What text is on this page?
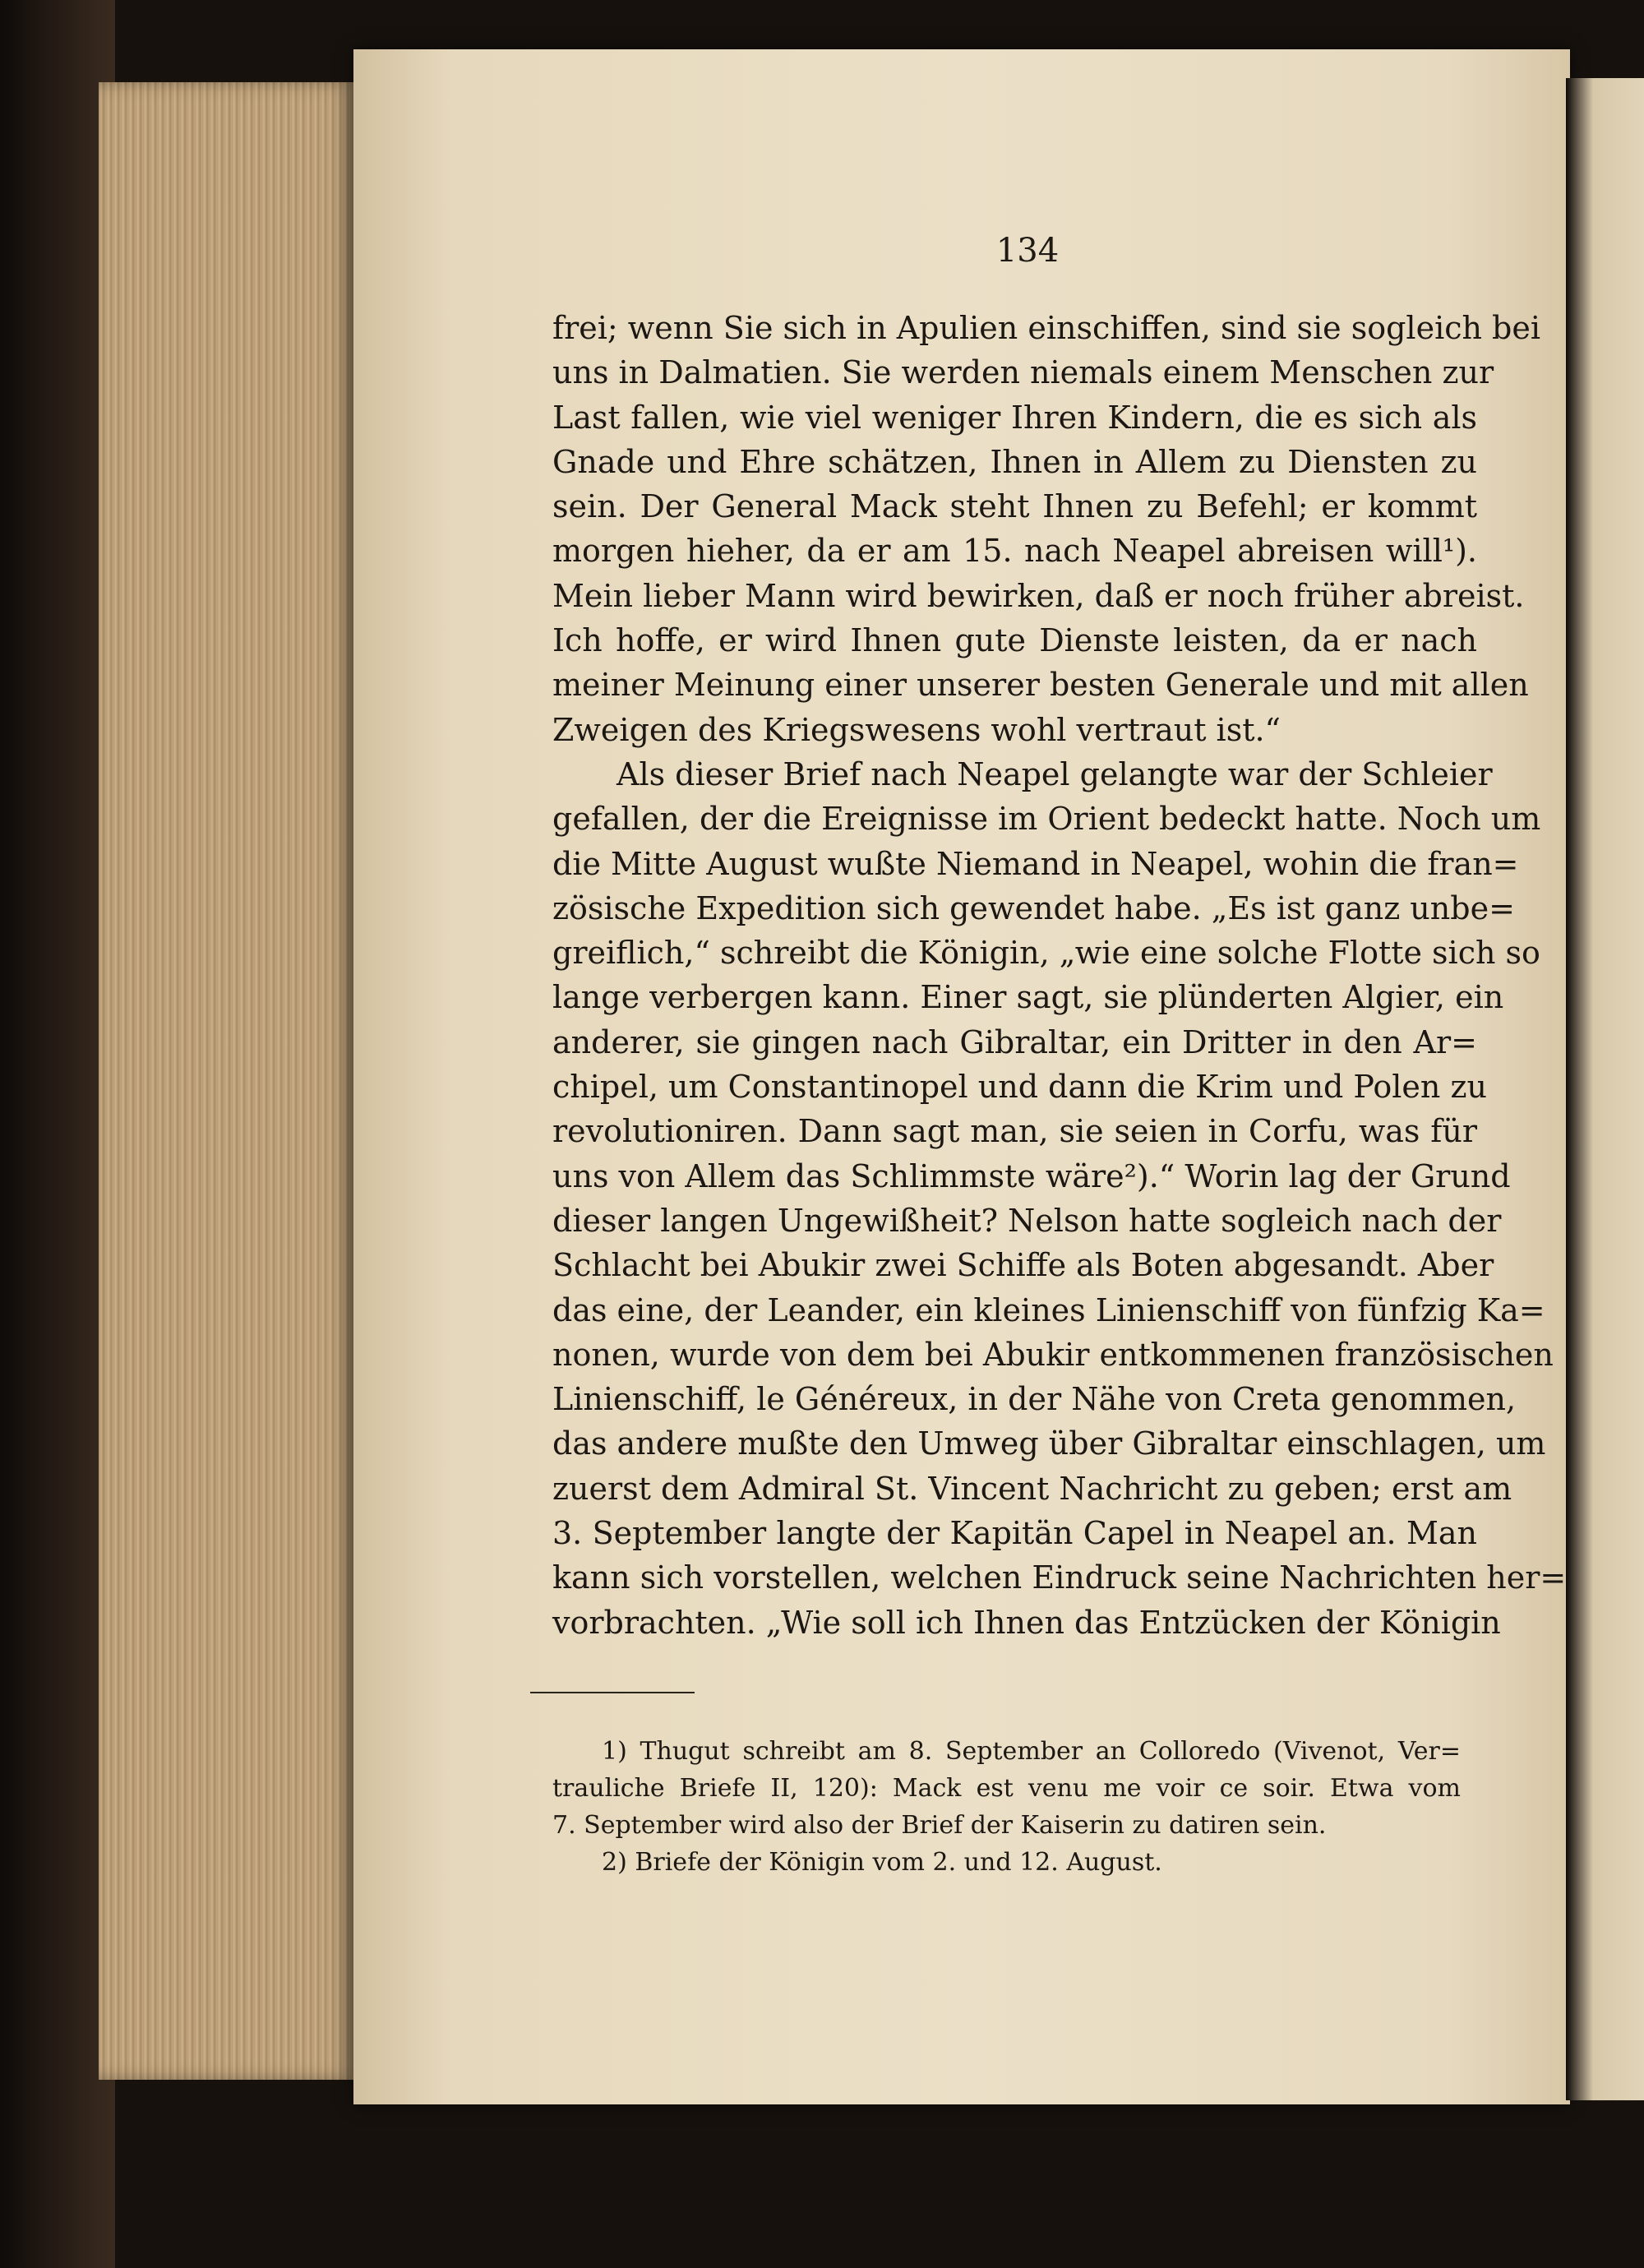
134
frei; wenn Sie sich in Apulien einschiffen, sind sie sogleich bei
uns in Dalmatien. Sie werden niemals einem Menschen zur
Last fallen, wie viel weniger Ihren Kindern, die es sich als
Gnade und Ehre schätzen, Ihnen in Allem zu Diensten zu
sein. Der General Mack steht Ihnen zu Befehl; er kommt
morgen hieher, da er am 15. nach Neapel abreisen will¹).
Mein lieber Mann wird bewirken, daß er noch früher abreist.
Ich hoffe, er wird Ihnen gute Dienste leisten, da er nach
meiner Meinung einer unserer besten Generale und mit allen
Zweigen des Kriegswesens wohl vertraut ist.“
Als dieser Brief nach Neapel gelangte war der Schleier
gefallen, der die Ereignisse im Orient bedeckt hatte. Noch um
die Mitte August wußte Niemand in Neapel, wohin die fran=
zösische Expedition sich gewendet habe. „Es ist ganz unbe=
greiflich,“ schreibt die Königin, „wie eine solche Flotte sich so
lange verbergen kann. Einer sagt, sie plünderten Algier, ein
anderer, sie gingen nach Gibraltar, ein Dritter in den Ar=
chipel, um Constantinopel und dann die Krim und Polen zu
revolutioniren. Dann sagt man, sie seien in Corfu, was für
uns von Allem das Schlimmste wäre²).“ Worin lag der Grund
dieser langen Ungewißheit? Nelson hatte sogleich nach der
Schlacht bei Abukir zwei Schiffe als Boten abgesandt. Aber
das eine, der Leander, ein kleines Linienschiff von fünfzig Ka=
nonen, wurde von dem bei Abukir entkommenen französischen
Linienschiff, le Généreux, in der Nähe von Creta genommen,
das andere mußte den Umweg über Gibraltar einschlagen, um
zuerst dem Admiral St. Vincent Nachricht zu geben; erst am
3. September langte der Kapitän Capel in Neapel an. Man
kann sich vorstellen, welchen Eindruck seine Nachrichten her=
vorbrachten. „Wie soll ich Ihnen das Entzücken der Königin
1) Thugut schreibt am 8. September an Colloredo (Vivenot, Ver=
trauliche Briefe II, 120): Mack est venu me voir ce soir. Etwa vom
7. September wird also der Brief der Kaiserin zu datiren sein.
2) Briefe der Königin vom 2. und 12. August.
